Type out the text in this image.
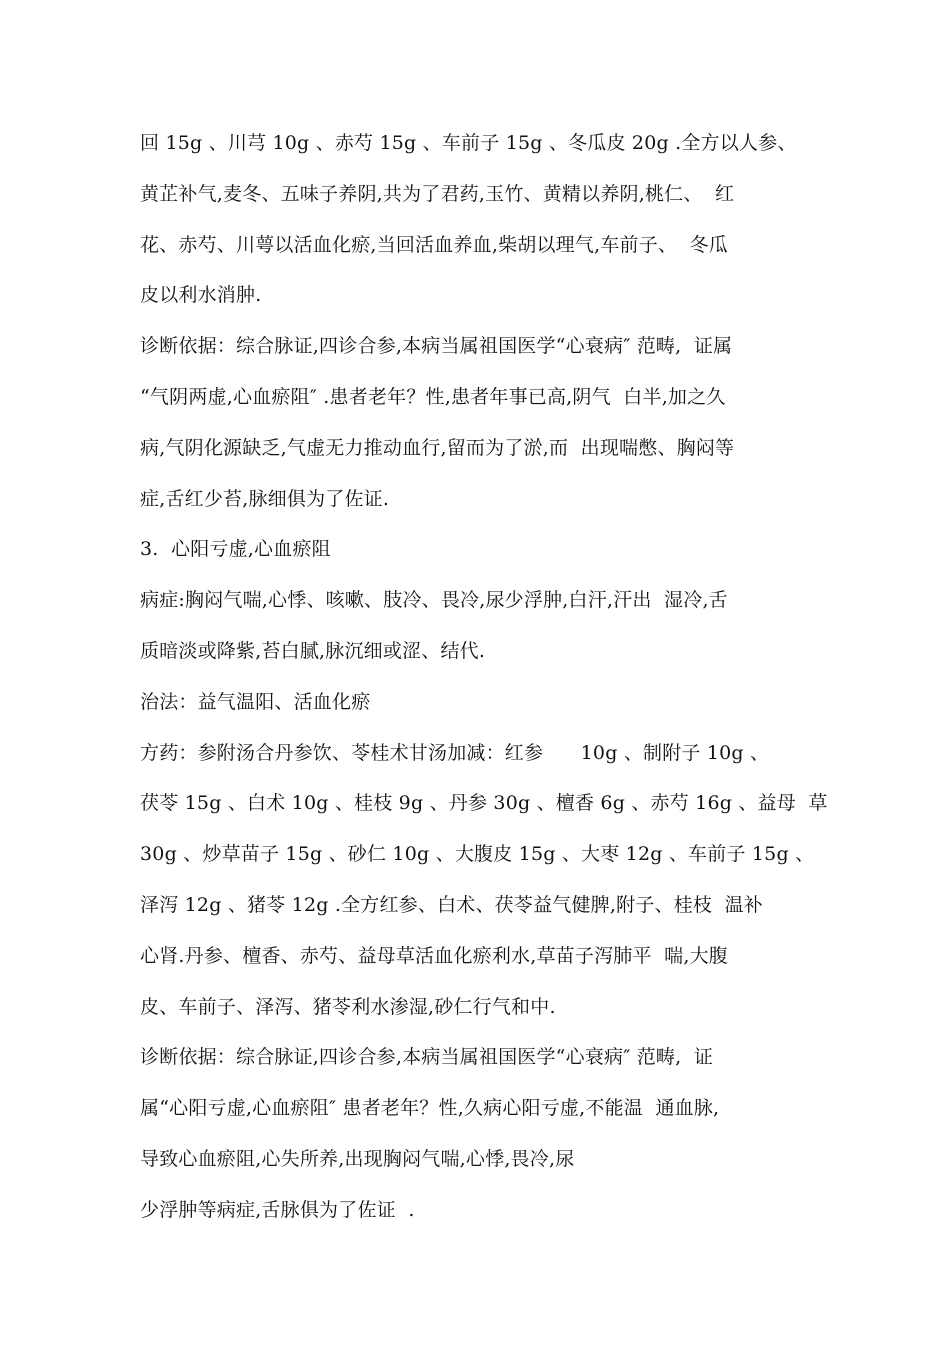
回 15g 、川芎 10g 、赤芍 15g 、车前子 15g 、冬瓜皮 20g .全方以人参、
黄芷补气,麦冬、五味子养阴,共为了君药,玉竹、黄精以养阴,桃仁、  红
花、赤芍、川萼以活血化瘀,当回活血养血,柴胡以理气,车前子、  冬瓜
皮以利水消肿.
诊断依据：综合脉证,四诊合参,本病当属祖国医学“心衰病″ 范畴,  证属
“气阴两虚,心血瘀阻″ .患者老年？性,患者年事已高,阴气  白半,加之久
病,气阴化源缺乏,气虚无力推动血行,留而为了淤,而  出现喘憋、胸闷等
症,舌红少苔,脉细俱为了佐证.
3.  心阳亏虚,心血瘀阻
病症:胸闷气喘,心悸、咳嗽、肢冷、畏冷,尿少浮肿,白汗,汗出  湿冷,舌
质暗淡或降紫,苔白腻,脉沉细或涩、结代.
治法：益气温阳、活血化瘀
方药：参附汤合丹参饮、苓桂术甘汤加减：红参      10g 、制附子 10g 、
茯苓 15g 、白术 10g 、桂枝 9g 、丹参 30g 、檀香 6g 、赤芍 16g 、益母  草
30g 、炒草苗子 15g 、砂仁 10g 、大腹皮 15g 、大枣 12g 、车前子 15g 、
泽泻 12g 、猪苓 12g .全方红参、白术、茯苓益气健脾,附子、桂枝  温补
心肾.丹参、檀香、赤芍、益母草活血化瘀利水,草苗子泻肺平  喘,大腹
皮、车前子、泽泻、猪苓利水渗湿,砂仁行气和中.
诊断依据：综合脉证,四诊合参,本病当属祖国医学“心衰病″ 范畴,  证
属“心阳亏虚,心血瘀阻″ 患者老年？性,久病心阳亏虚,不能温  通血脉,
导致心血瘀阻,心失所养,出现胸闷气喘,心悸,畏冷,尿
少浮肿等病症,舌脉俱为了佐证  .
